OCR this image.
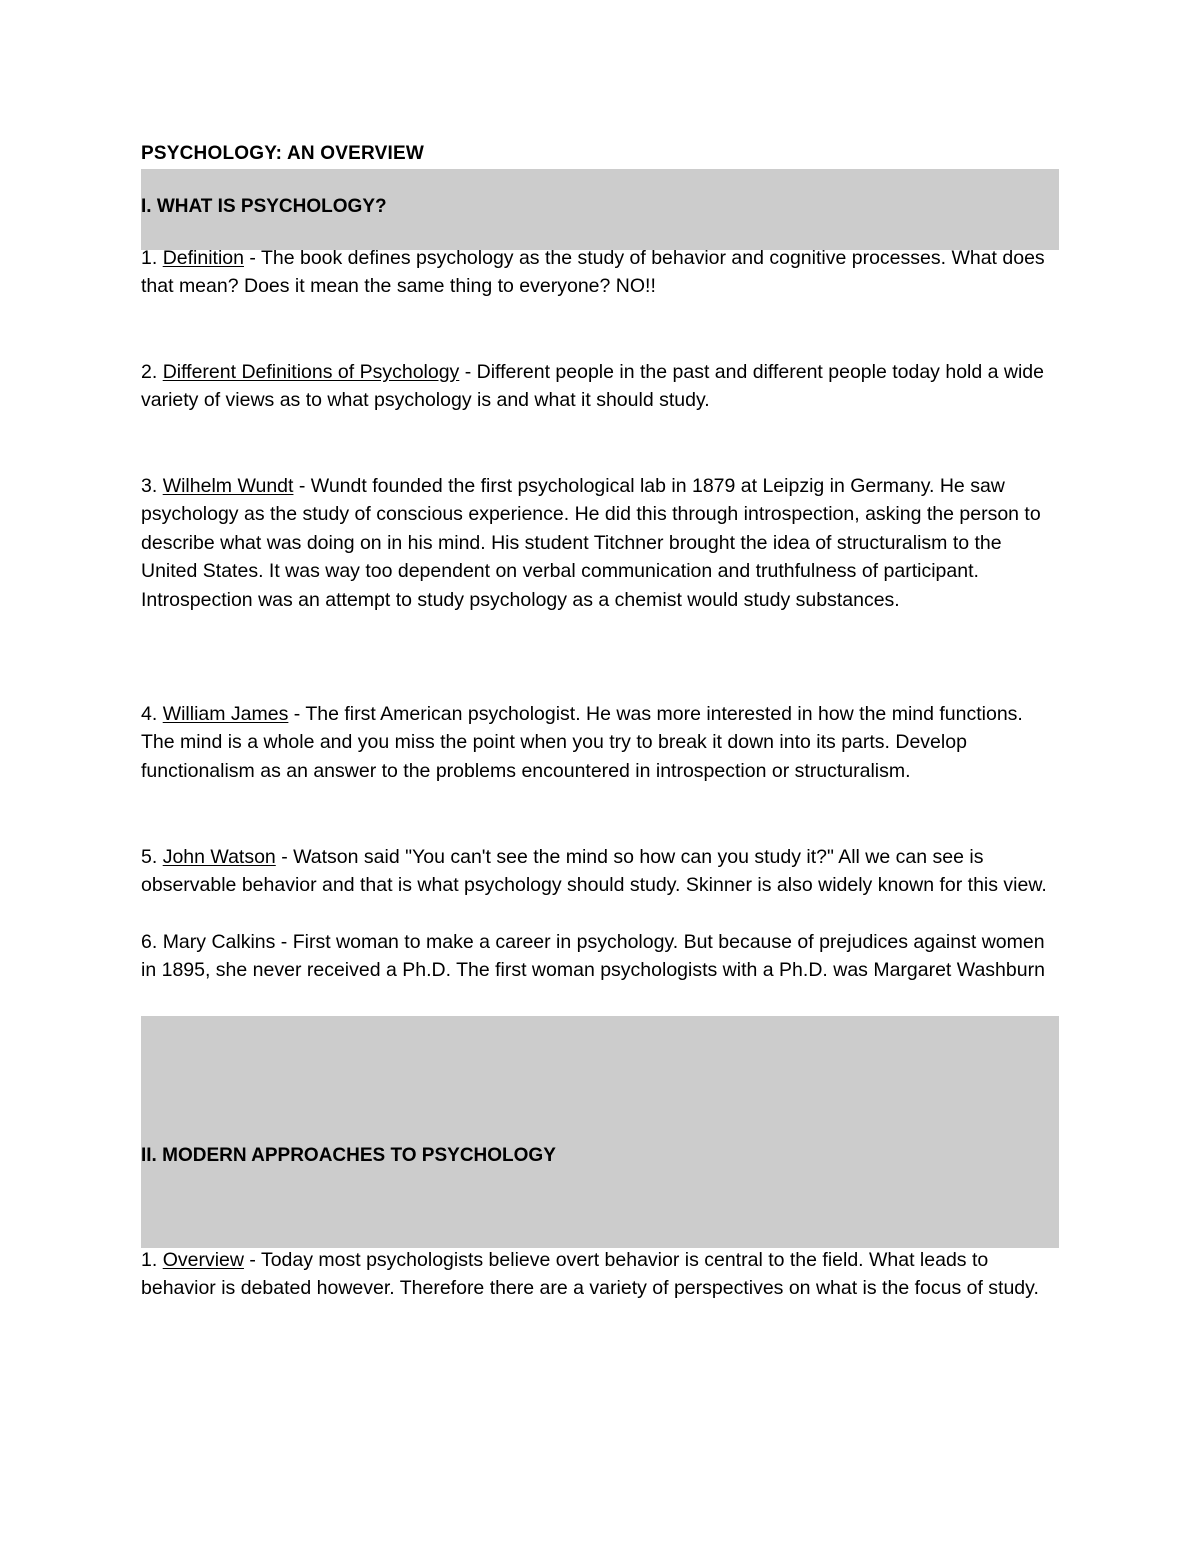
PSYCHOLOGY: AN OVERVIEW
I. WHAT IS PSYCHOLOGY?

1. Definition - The book defines psychology as the study of behavior and cognitive processes. What does that mean? Does it mean the same thing to everyone? NO!!

2. Different Definitions of Psychology - Different people in the past and different people today hold a wide variety of views as to what psychology is and what it should study.

3. Wilhelm Wundt - Wundt founded the first psychological lab in 1879 at Leipzig in Germany. He saw psychology as the study of conscious experience. He did this through introspection, asking the person to describe what was doing on in his mind. His student Titchner brought the idea of structuralism to the United States. It was way too dependent on verbal communication and truthfulness of participant. Introspection was an attempt to study psychology as a chemist would study substances.

4. William James - The first American psychologist. He was more interested in how the mind functions. The mind is a whole and you miss the point when you try to break it down into its parts. Develop functionalism as an answer to the problems encountered in introspection or structuralism.

5. John Watson - Watson said "You can't see the mind so how can you study it?" All we can see is observable behavior and that is what psychology should study. Skinner is also widely known for this view.

6. Mary Calkins - First woman to make a career in psychology. But because of prejudices against women in 1895, she never received a Ph.D. The first woman psychologists with a Ph.D. was Margaret Washburn

II. MODERN APPROACHES TO PSYCHOLOGY

1. Overview - Today most psychologists believe overt behavior is central to the field. What leads to behavior is debated however. Therefore there are a variety of perspectives on what is the focus of study.
